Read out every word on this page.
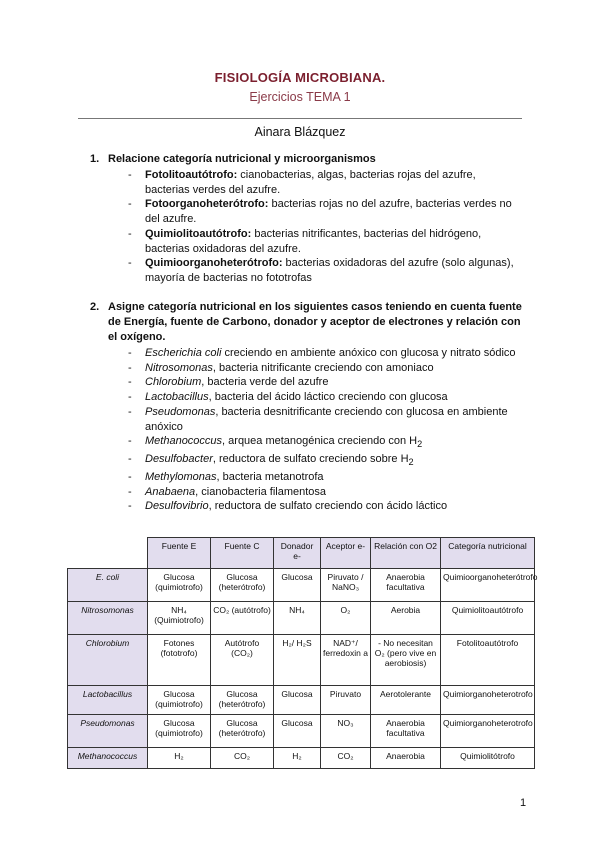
FISIOLOGÍA MICROBIANA.
Ejercicios TEMA 1
Ainara Blázquez
1. Relacione categoría nutricional y microorganismos
- Fotolitoautótrofo: cianobacterias, algas, bacterias rojas del azufre, bacterias verdes del azufre.
- Fotoorganoheterótrofo: bacterias rojas no del azufre, bacterias verdes no del azufre.
- Quimiolitoautótrofo: bacterias nitrificantes, bacterias del hidrógeno, bacterias oxidadoras del azufre.
- Quimioorganoheterótrofo: bacterias oxidadoras del azufre (solo algunas), mayoría de bacterias no fototrofas
2. Asigne categoría nutricional en los siguientes casos teniendo en cuenta fuente de Energía, fuente de Carbono, donador y aceptor de electrones y relación con el oxígeno.
- Escherichia coli creciendo en ambiente anóxico con glucosa y nitrato sódico
- Nitrosomonas, bacteria nitrificante creciendo con amoniaco
- Chlorobium, bacteria verde del azufre
- Lactobacillus, bacteria del ácido láctico creciendo con glucosa
- Pseudomonas, bacteria desnitrificante creciendo con glucosa en ambiente anóxico
- Methanococcus, arquea metanogénica creciendo con $H_2$
- Desulfobacter, reductora de sulfato creciendo sobre $H_2$
- Methylomonas, bacteria metanotrofa
- Anabaena, cianobacteria filamentosa
- Desulfovibrio, reductora de sulfato creciendo con ácido láctico
	Fuente E	Fuente C	Donador e-	Aceptor e-	Relación con O2	Categoría nutricional
E. coli	Glucosa (quimiotrofo)	Glucosa (heterótrofo)	Glucosa	Piruvato / NaNO₃	Anaerobia facultativa	Quimioorganoheterótrofo
Nitrosomonas	NH₄ (Quimiotrofo)	CO₂ (autótrofo)	NH₄	O₂	Aerobia	Quimiolitoautótrofo
Chlorobium	Fotones (fototrofo)	Autótrofo (CO₂)	H₂/ H₂S	NAD⁺/ ferredoxin a	- No necesitan O₂ (pero vive en aerobiosis)	Fotolitoautótrofo
Lactobacillus	Glucosa (quimiotrofo)	Glucosa (heterótrofo)	Glucosa	Piruvato	Aerotolerante	Quimiorganoheterotrofo
Pseudomonas	Glucosa (quimiotrofo)	Glucosa (heterótrofo)	Glucosa	NO₃	Anaerobia facultativa	Quimiorganoheterotrofo
Methanococcus	H₂	CO₂	H₂	CO₂	Anaerobia	Quimiolitótrofo
1
